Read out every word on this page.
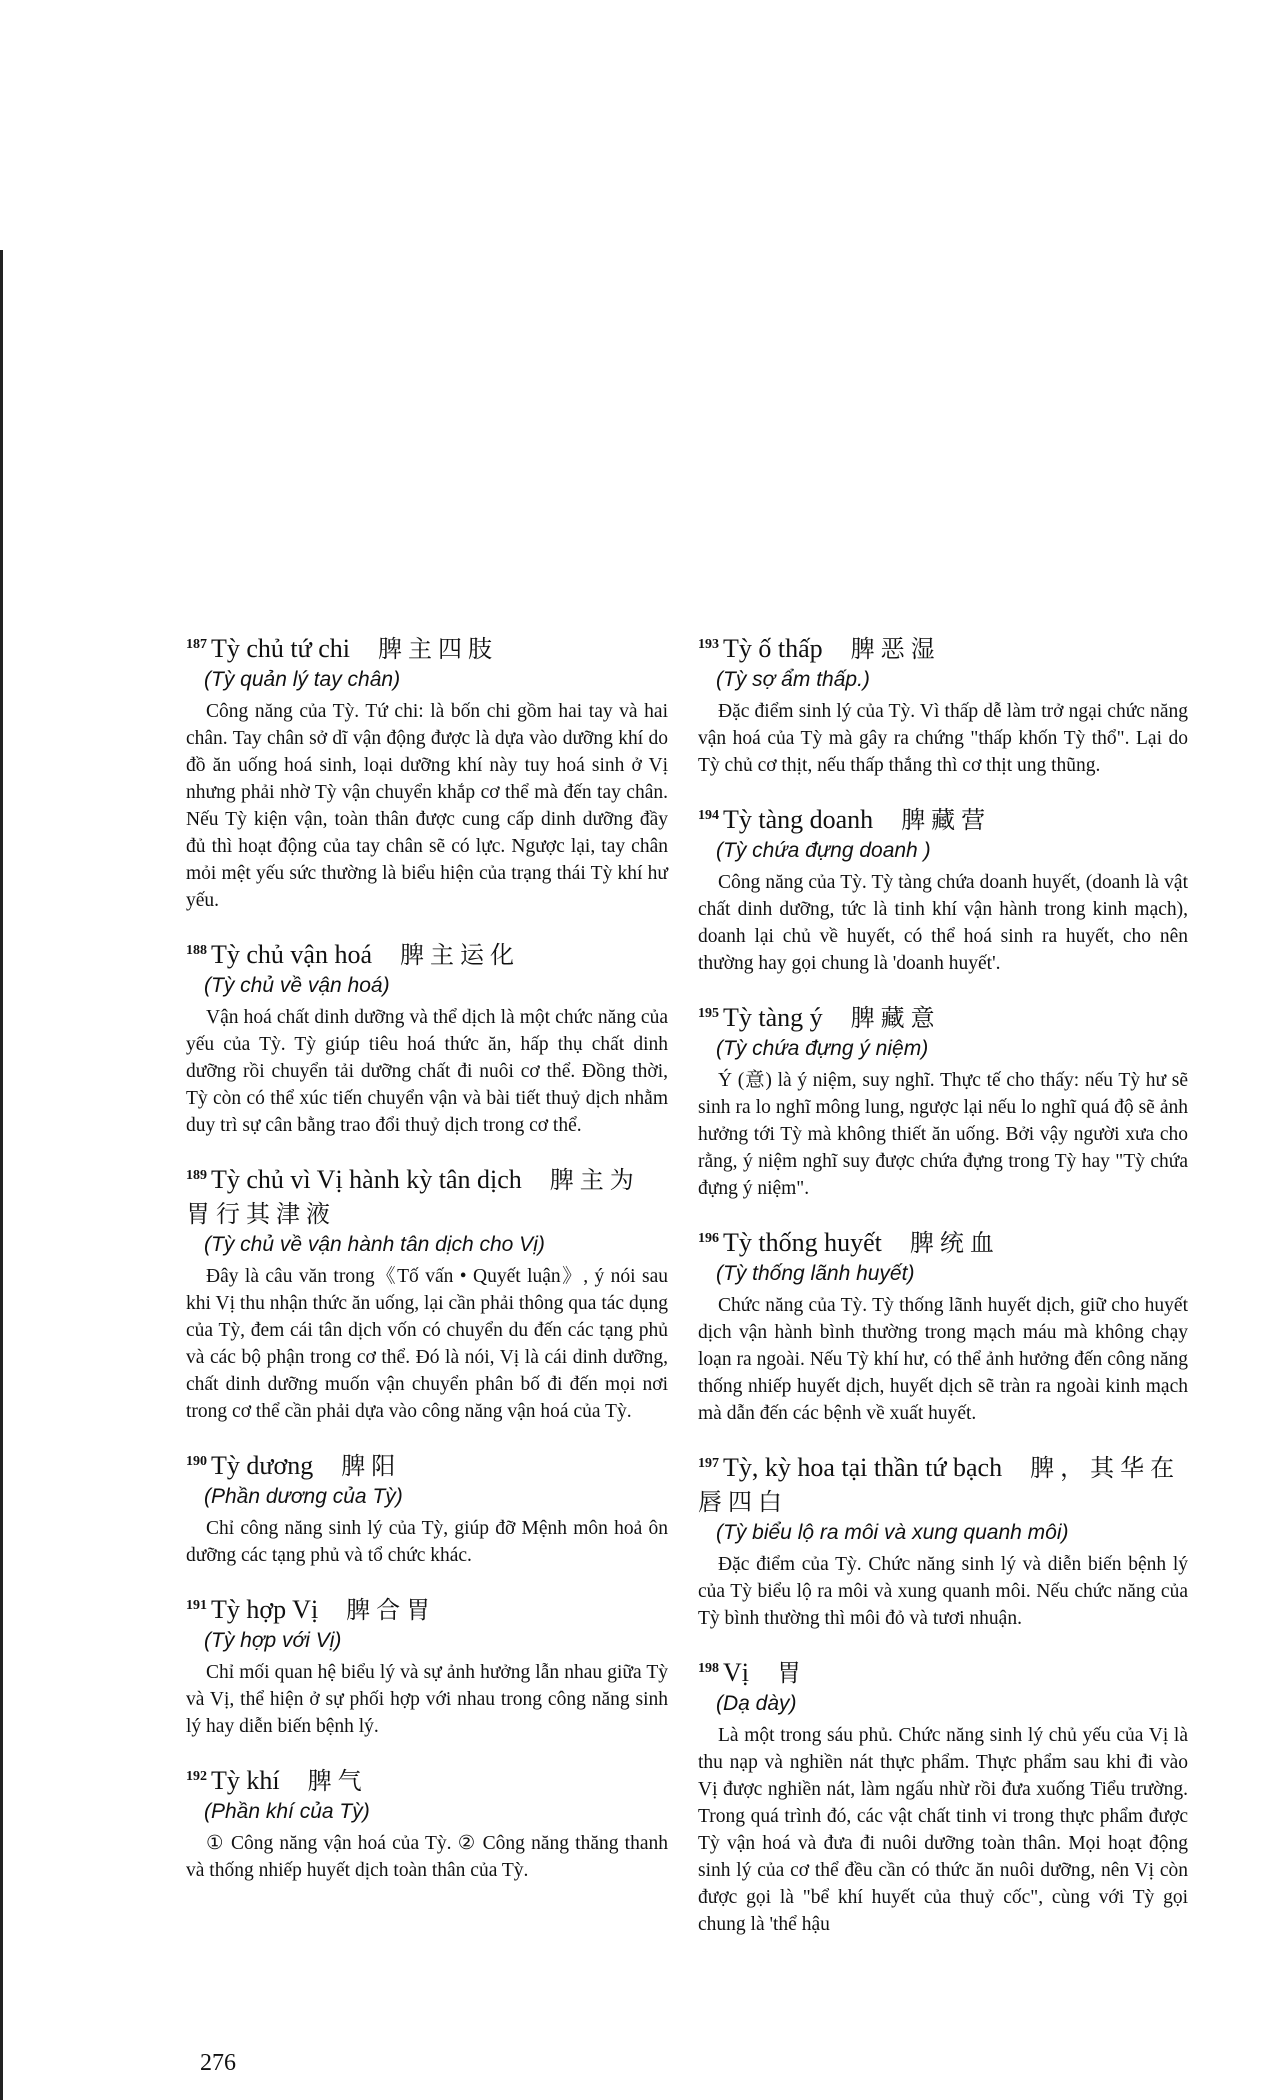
$^{187}$ Tỳ chủ tứ chi 脾主四肢
(Tỳ quản lý tay chân)

Công năng của Tỳ. Tứ chi: là bốn chi gồm hai tay và hai chân. Tay chân sở dĩ vận động được là dựa vào dưỡng khí do đồ ăn uống hoá sinh, loại dưỡng khí này tuy hoá sinh ở Vị nhưng phải nhờ Tỳ vận chuyển khắp cơ thể mà đến tay chân. Nếu Tỳ kiện vận, toàn thân được cung cấp dinh dưỡng đầy đủ thì hoạt động của tay chân sẽ có lực. Ngược lại, tay chân mỏi mệt yếu sức thường là biểu hiện của trạng thái Tỳ khí hư yếu.

$^{188}$ Tỳ chủ vận hoá 脾主运化
(Tỳ chủ về vận hoá)

Vận hoá chất dinh dưỡng và thể dịch là một chức năng của yếu của Tỳ. Tỳ giúp tiêu hoá thức ăn, hấp thụ chất dinh dưỡng rồi chuyển tải dưỡng chất đi nuôi cơ thể. Đồng thời, Tỳ còn có thể xúc tiến chuyển vận và bài tiết thuỷ dịch nhằm duy trì sự cân bằng trao đổi thuỷ dịch trong cơ thể.

$^{189}$ Tỳ chủ vì Vị hành kỳ tân dịch 脾主为胃行其津液
(Tỳ chủ về vận hành tân dịch cho Vị)

Đây là câu văn trong《Tố vấn • Quyết luận》, ý nói sau khi Vị thu nhận thức ăn uống, lại cần phải thông qua tác dụng của Tỳ, đem cái tân dịch vốn có chuyển du đến các tạng phủ và các bộ phận trong cơ thể. Đó là nói, Vị là cái dinh dưỡng, chất dinh dưỡng muốn vận chuyển phân bố đi đến mọi nơi trong cơ thể cần phải dựa vào công năng vận hoá của Tỳ.

$^{190}$ Tỳ dương 脾阳
(Phần dương của Tỳ)

Chỉ công năng sinh lý của Tỳ, giúp đỡ Mệnh môn hoả ôn dưỡng các tạng phủ và tổ chức khác.

$^{191}$ Tỳ hợp Vị 脾合胃
(Tỳ hợp với Vị)

Chỉ mối quan hệ biểu lý và sự ảnh hưởng lẫn nhau giữa Tỳ và Vị, thể hiện ở sự phối hợp với nhau trong công năng sinh lý hay diễn biến bệnh lý.

$^{192}$ Tỳ khí 脾气
(Phần khí của Tỳ)

① Công năng vận hoá của Tỳ. ② Công năng thăng thanh và thống nhiếp huyết dịch toàn thân của Tỳ.

$^{193}$ Tỳ ố thấp 脾恶湿
(Tỳ sợ ẩm thấp.)

Đặc điểm sinh lý của Tỳ. Vì thấp dễ làm trở ngại chức năng vận hoá của Tỳ mà gây ra chứng "thấp khốn Tỳ thổ". Lại do Tỳ chủ cơ thịt, nếu thấp thắng thì cơ thịt ung thũng.

$^{194}$ Tỳ tàng doanh 脾藏营
(Tỳ chứa đựng doanh )

Công năng của Tỳ. Tỳ tàng chứa doanh huyết, (doanh là vật chất dinh dưỡng, tức là tinh khí vận hành trong kinh mạch), doanh lại chủ về huyết, có thể hoá sinh ra huyết, cho nên thường hay gọi chung là 'doanh huyết'.

$^{195}$ Tỳ tàng ý 脾藏意
(Tỳ chứa đựng ý niệm)

Ý (意) là ý niệm, suy nghĩ. Thực tế cho thấy: nếu Tỳ hư sẽ sinh ra lo nghĩ mông lung, ngược lại nếu lo nghĩ quá độ sẽ ảnh hưởng tới Tỳ mà không thiết ăn uống. Bởi vậy người xưa cho rằng, ý niệm nghĩ suy được chứa đựng trong Tỳ hay "Tỳ chứa đựng ý niệm".

$^{196}$ Tỳ thống huyết 脾统血
(Tỳ thống lãnh huyết)

Chức năng của Tỳ. Tỳ thống lãnh huyết dịch, giữ cho huyết dịch vận hành bình thường trong mạch máu mà không chạy loạn ra ngoài. Nếu Tỳ khí hư, có thể ảnh hưởng đến công năng thống nhiếp huyết dịch, huyết dịch sẽ tràn ra ngoài kinh mạch mà dẫn đến các bệnh về xuất huyết.

$^{197}$ Tỳ, kỳ hoa tại thần tứ bạch 脾，其华在唇四白
(Tỳ biểu lộ ra môi và xung quanh môi)

Đặc điểm của Tỳ. Chức năng sinh lý và diễn biến bệnh lý của Tỳ biểu lộ ra môi và xung quanh môi. Nếu chức năng của Tỳ bình thường thì môi đỏ và tươi nhuận.

$^{198}$ Vị 胃
(Dạ dày)

Là một trong sáu phủ. Chức năng sinh lý chủ yếu của Vị là thu nạp và nghiền nát thực phẩm. Thực phẩm sau khi đi vào Vị được nghiền nát, làm ngấu nhừ rồi đưa xuống Tiểu trường. Trong quá trình đó, các vật chất tinh vi trong thực phẩm được Tỳ vận hoá và đưa đi nuôi dưỡng toàn thân. Mọi hoạt động sinh lý của cơ thể đều cần có thức ăn nuôi dưỡng, nên Vị còn được gọi là "bể khí huyết của thuỷ cốc", cùng với Tỳ gọi chung là 'thể hậu

276
